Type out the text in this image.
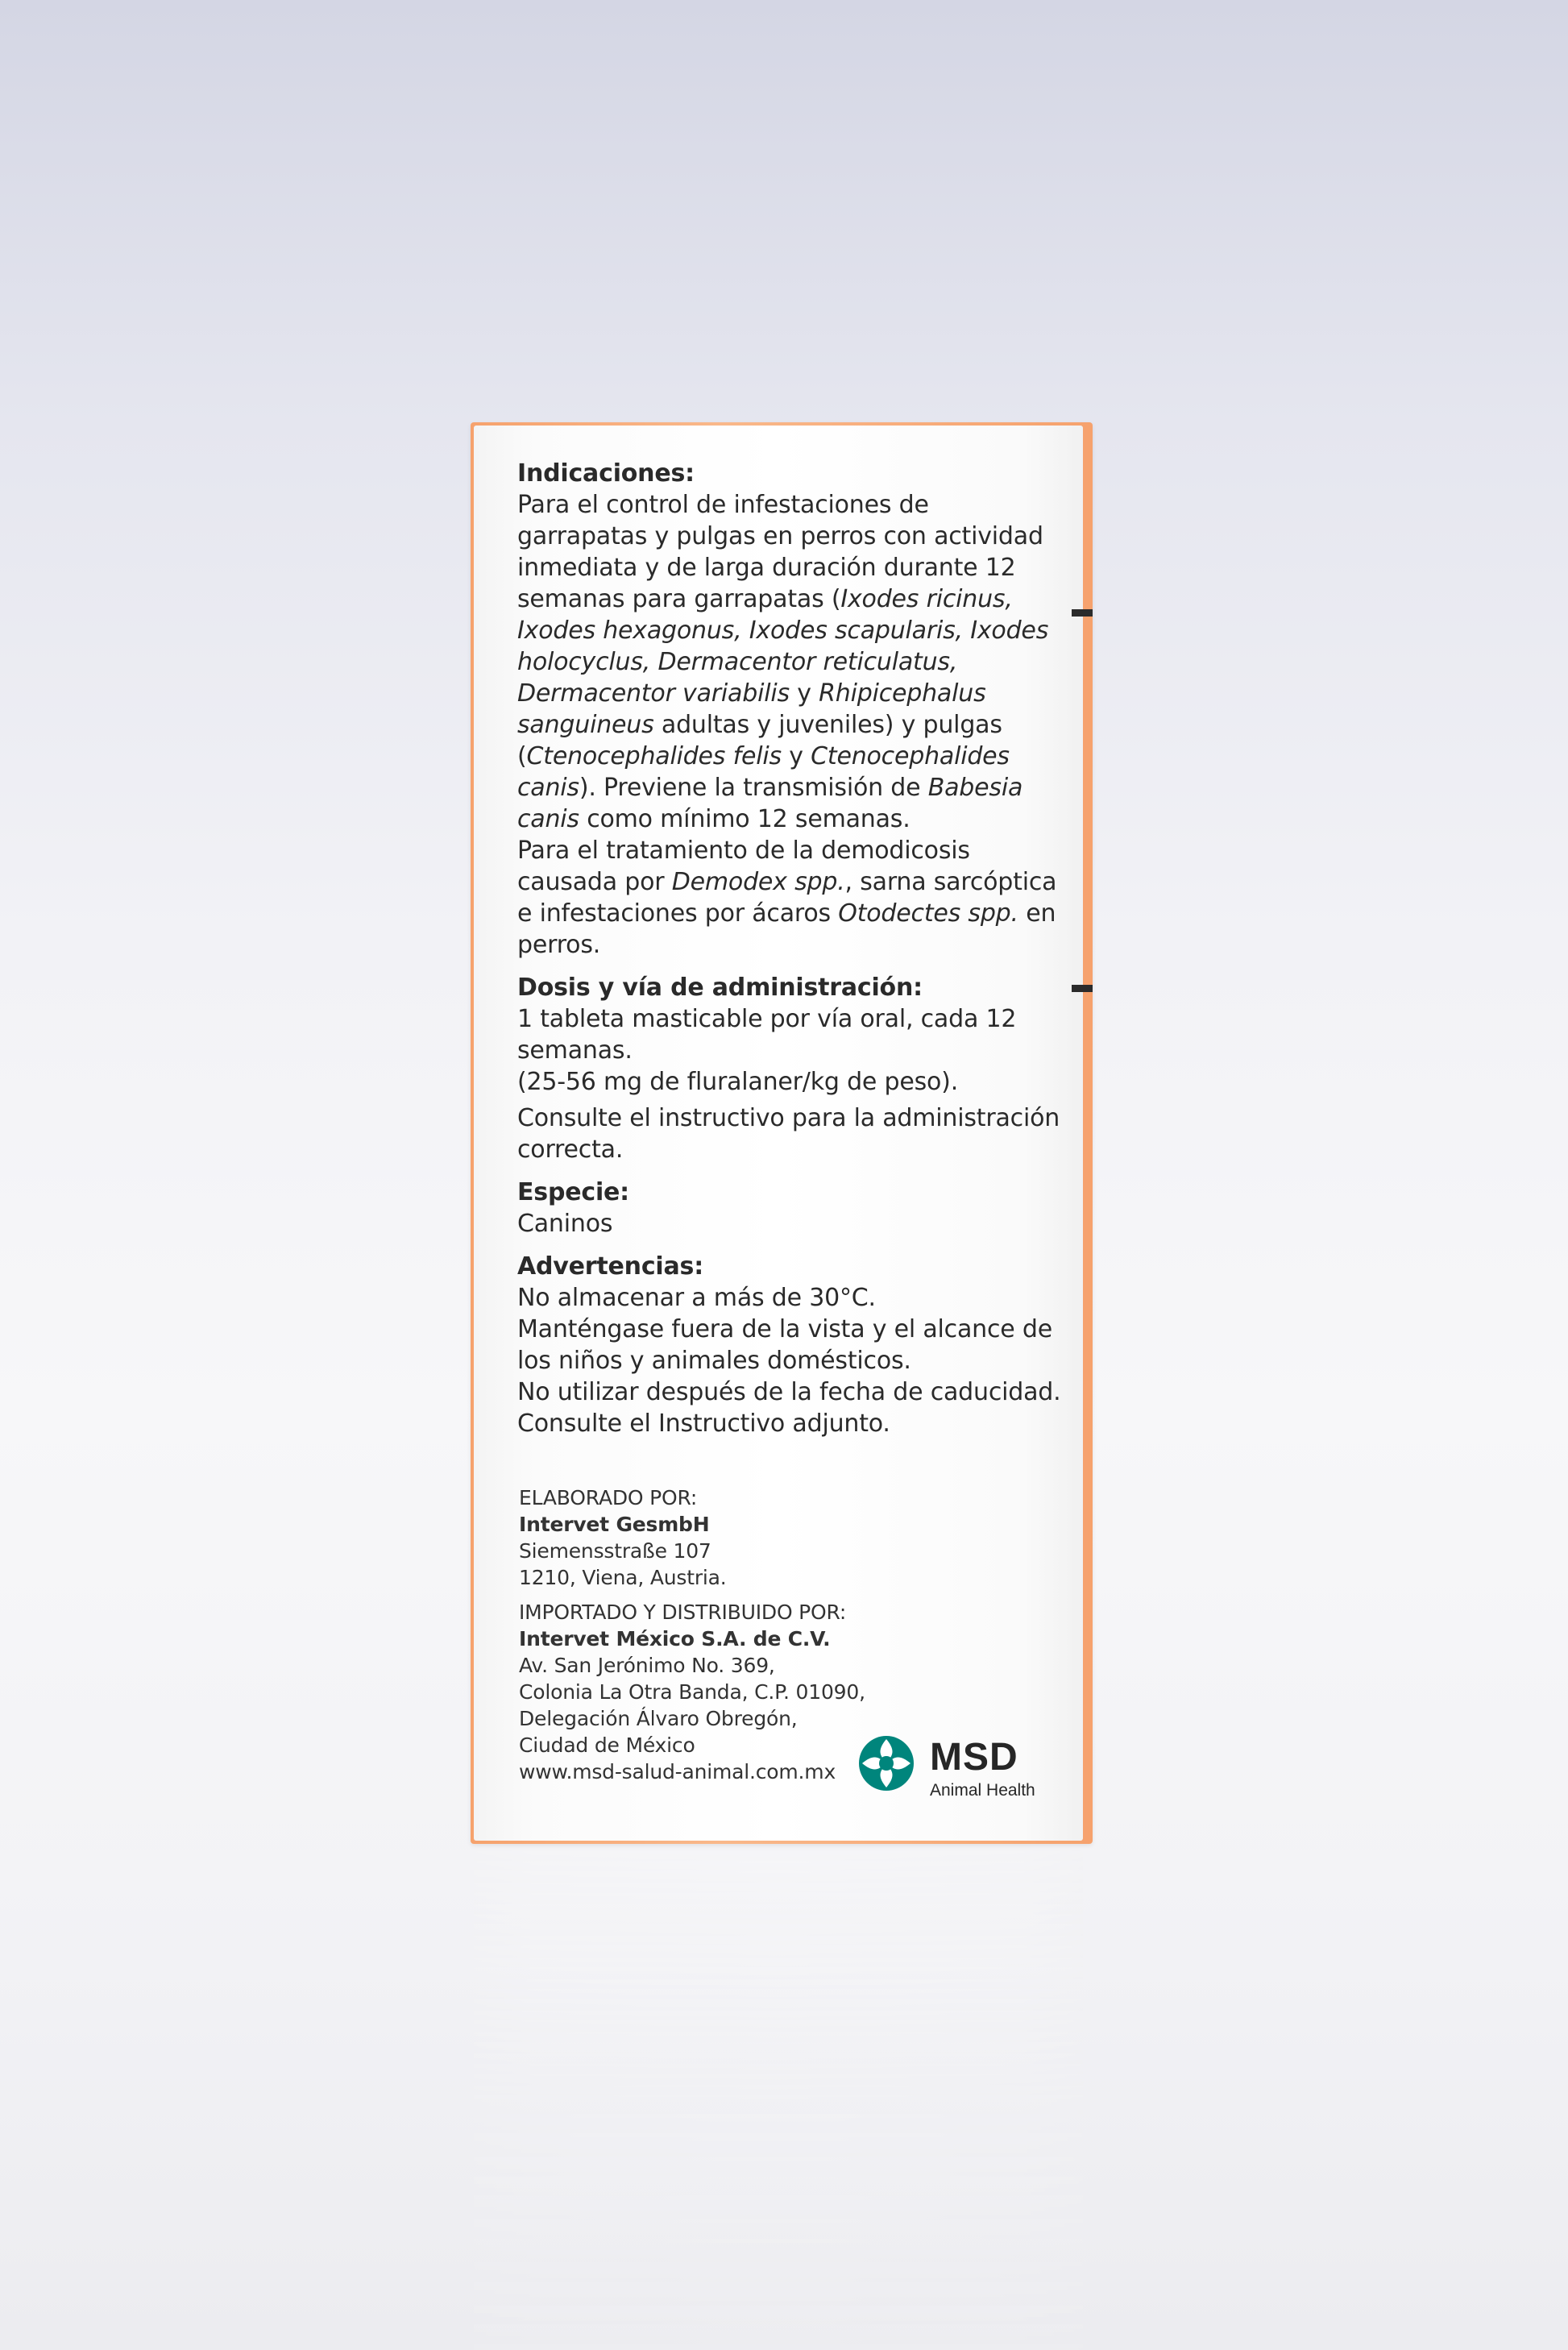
Indicaciones:

Para el control de infestaciones de garrapatas y pulgas en perros con actividad inmediata y de larga duración durante 12 semanas para garrapatas (Ixodes ricinus, Ixodes hexagonus, Ixodes scapularis, Ixodes holocyclus, Dermacentor reticulatus, Dermacentor variabilis y Rhipicephalus sanguineus adultas y juveniles) y pulgas (Ctenocephalides felis y Ctenocephalides canis). Previene la transmisión de Babesia canis como mínimo 12 semanas.

Para el tratamiento de la demodicosis causada por Demodex spp., sarna sarcóptica e infestaciones por ácaros Otodectes spp. en perros.

Dosis y vía de administración:

1 tableta masticable por vía oral, cada 12 semanas.

(25-56 mg de fluralaner/kg de peso).

Consulte el instructivo para la administración correcta.

Especie:

Caninos

Advertencias:

No almacenar a más de 30°C.

Manténgase fuera de la vista y el alcance de los niños y animales domésticos.

No utilizar después de la fecha de caducidad.

Consulte el Instructivo adjunto.

ELABORADO POR:

Intervet GesmbH

Siemensstraße 107

1210, Viena, Austria.

IMPORTADO Y DISTRIBUIDO POR:

Intervet México S.A. de C.V.

Av. San Jerónimo No. 369,

Colonia La Otra Banda, C.P. 01090,

Delegación Álvaro Obregón,

Ciudad de México

www.msd-salud-animal.com.mx	MSD
Animal Health
